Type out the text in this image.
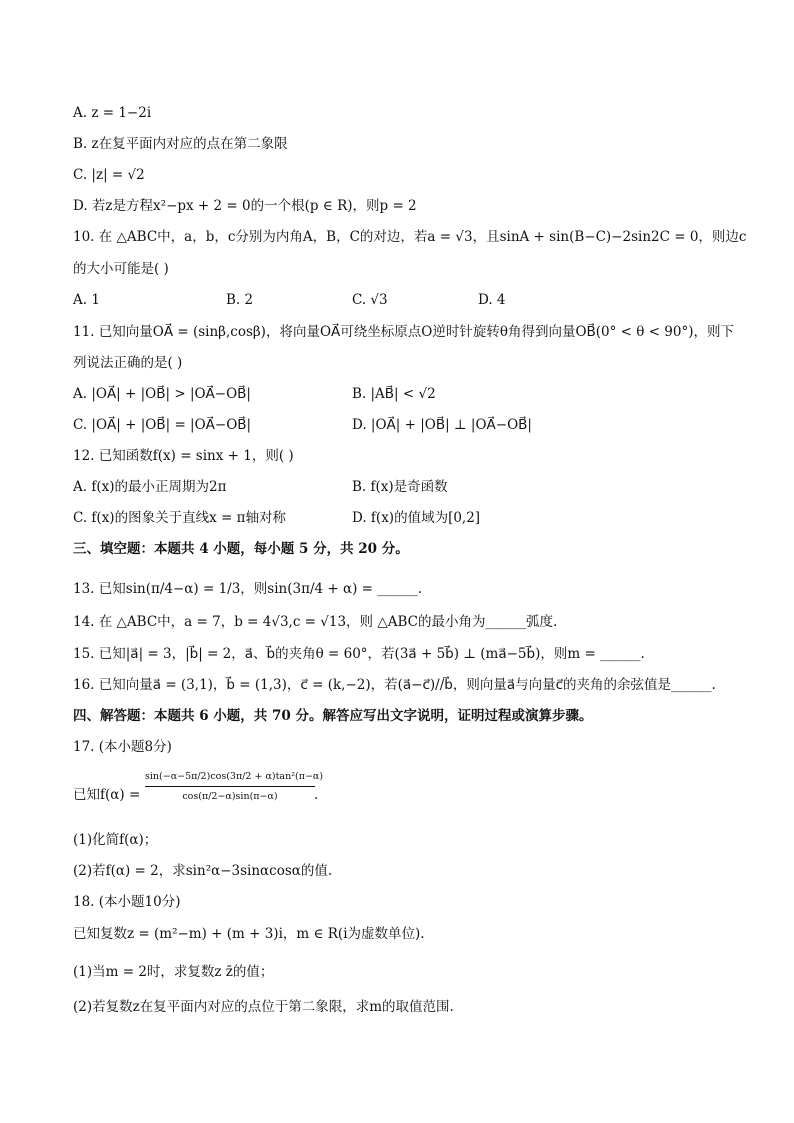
A. z = 1−2i
B. z在复平面内对应的点在第二象限
C. |z| = √2
D. 若z是方程x²−px + 2 = 0的一个根(p ∈ R)，则p = 2
10. 在 △ABC中，a，b，c分别为内角A，B，C的对边，若a = √3，且sinA + sin(B−C)−2sin2C = 0，则边c
的大小可能是( )
A. 1	B. 2	C. √3	D. 4
11. 已知向量OA⃗ = (sinβ,cosβ)，将向量OA⃗可绕坐标原点O逆时针旋转θ角得到向量OB⃗(0° < θ < 90°)，则下
列说法正确的是( )
A. |OA⃗| + |OB⃗| > |OA⃗−OB⃗|	B. |AB⃗| < √2
C. |OA⃗| + |OB⃗| = |OA⃗−OB⃗|	D. |OA⃗| + |OB⃗| ⊥ |OA⃗−OB⃗|
12. 已知函数f(x) = sinx + 1，则( )
A. f(x)的最小正周期为2π	B. f(x)是奇函数
C. f(x)的图象关于直线x = π轴对称	D. f(x)的值域为[0,2]
三、填空题：本题共 4 小题，每小题 5 分，共 20 分。
13. 已知sin(π/4−α) = 1/3，则sin(3π/4 + α) = ______.
14. 在 △ABC中，a = 7，b = 4√3,c = √13，则 △ABC的最小角为______弧度.
15. 已知|a⃗| = 3，|b⃗| = 2，a⃗、b⃗的夹角θ = 60°，若(3a⃗ + 5b⃗) ⊥ (ma⃗−5b⃗)，则m = ______.
16. 已知向量a⃗ = (3,1)，b⃗ = (1,3)，c⃗ = (k,−2)，若(a⃗−c⃗)//b⃗，则向量a⃗与向量c⃗的夹角的余弦值是______.
四、解答题：本题共 6 小题，共 70 分。解答应写出文字说明，证明过程或演算步骤。
17. (本小题8分)
已知$f(\alpha) = \frac{\text{sin(−α−5π/2)cos(3π/2 + α)tan²(π−α)}}{\cos(\pi/2-\alpha)\sin(\pi-\alpha)}$ .
(1)化简f(α)；
(2)若f(α) = 2，求sin²α−3sinαcosα的值.
18. (本小题10分)
已知复数z = (m²−m) + (m + 3)i，m ∈ R(i为虚数单位).
(1)当m = 2时，求复数z z̄的值；
(2)若复数z在复平面内对应的点位于第二象限，求m的取值范围.
